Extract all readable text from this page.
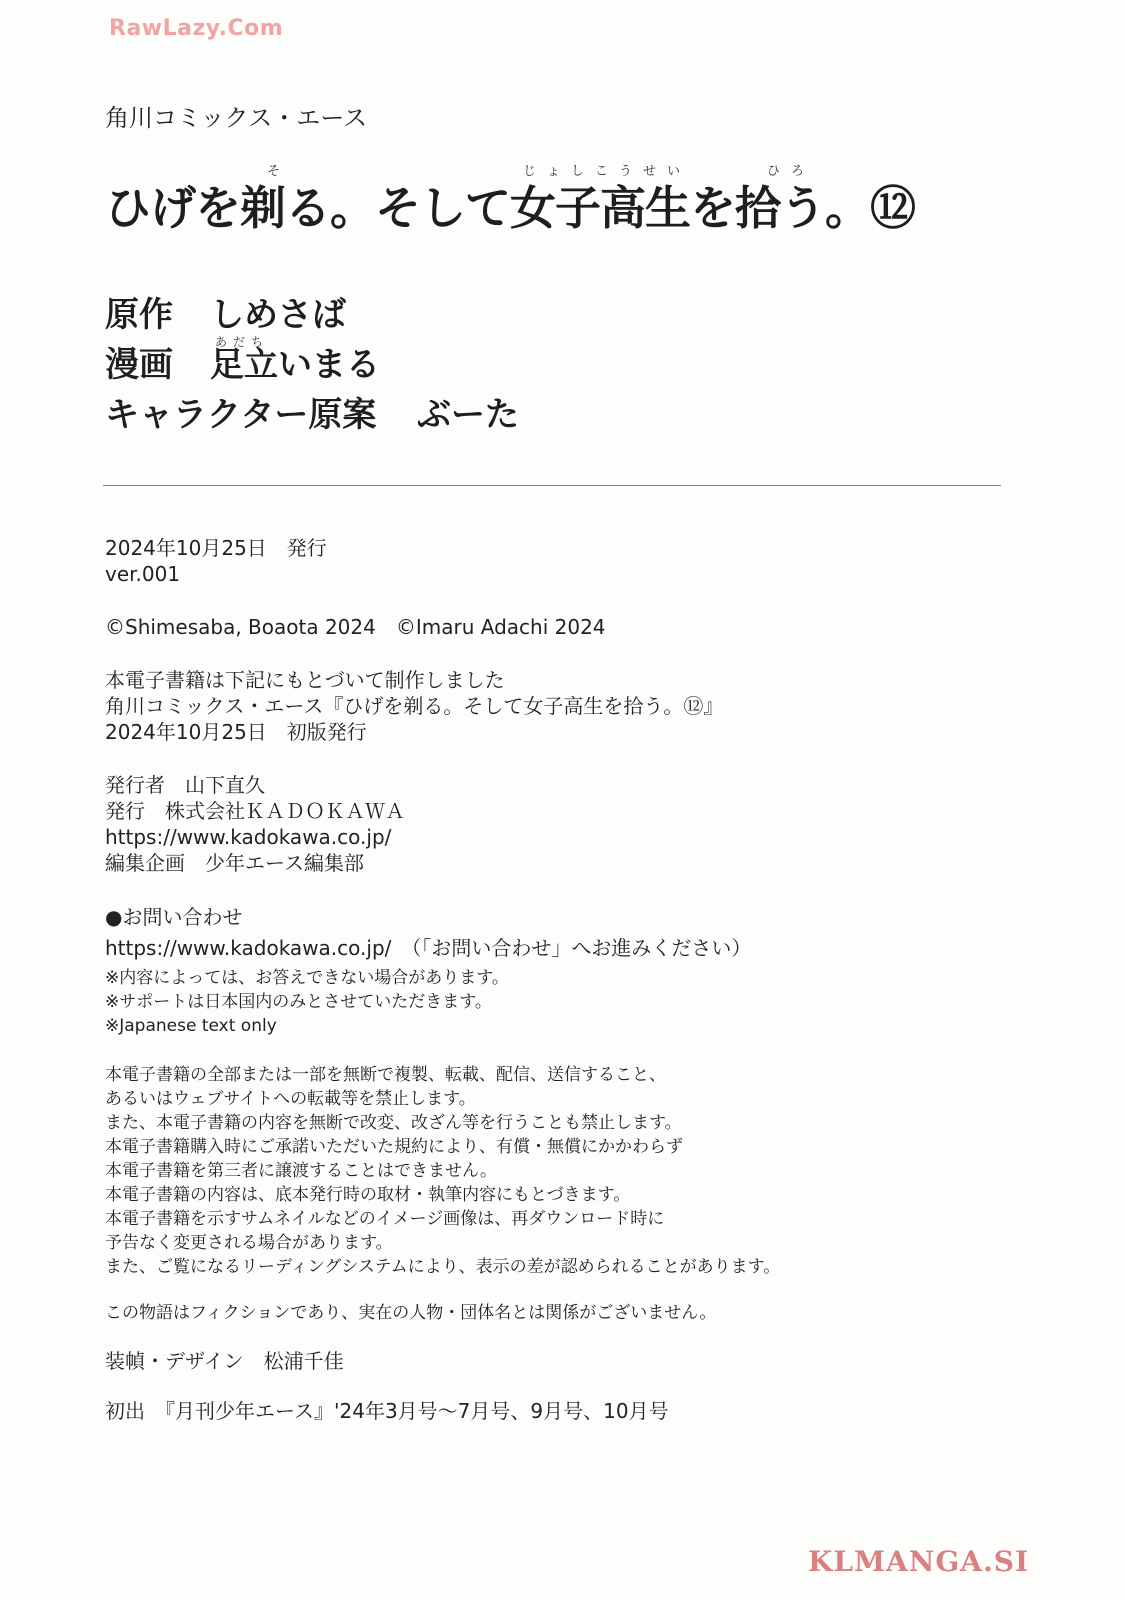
RawLazy.Com
角川コミックス・エース
そ	じょしこうせい	ひろ
ひげを剃る。そして女子高生を拾う。⑫
原作 しめさば
あだち
漫画 足立いまる
キャラクター原案 ぶーた
2024年10月25日　発行
ver.001
©Shimesaba, Boaota 2024　©Imaru Adachi 2024
本電子書籍は下記にもとづいて制作しました
角川コミックス・エース『ひげを剃る。そして女子高生を拾う。⑫』
2024年10月25日　初版発行
発行者　山下直久
発行　株式会社ＫＡＤＯＫＡＷＡ
https://www.kadokawa.co.jp/
編集企画　少年エース編集部
●お問い合わせ
https://www.kadokawa.co.jp/　（「お問い合わせ」へお進みください）
※内容によっては、お答えできない場合があります。
※サポートは日本国内のみとさせていただきます。
※Japanese text only
本電子書籍の全部または一部を無断で複製、転載、配信、送信すること、
あるいはウェブサイトへの転載等を禁止します。
また、本電子書籍の内容を無断で改変、改ざん等を行うことも禁止します。
本電子書籍購入時にご承諾いただいた規約により、有償・無償にかかわらず
本電子書籍を第三者に譲渡することはできません。
本電子書籍の内容は、底本発行時の取材・執筆内容にもとづきます。
本電子書籍を示すサムネイルなどのイメージ画像は、再ダウンロード時に
予告なく変更される場合があります。
また、ご覧になるリーディングシステムにより、表示の差が認められることがあります。
この物語はフィクションであり、実在の人物・団体名とは関係がございません。
装幀・デザイン　松浦千佳
初出　『月刊少年エース』'24年3月号〜7月号、9月号、10月号
KLMANGA.SI
